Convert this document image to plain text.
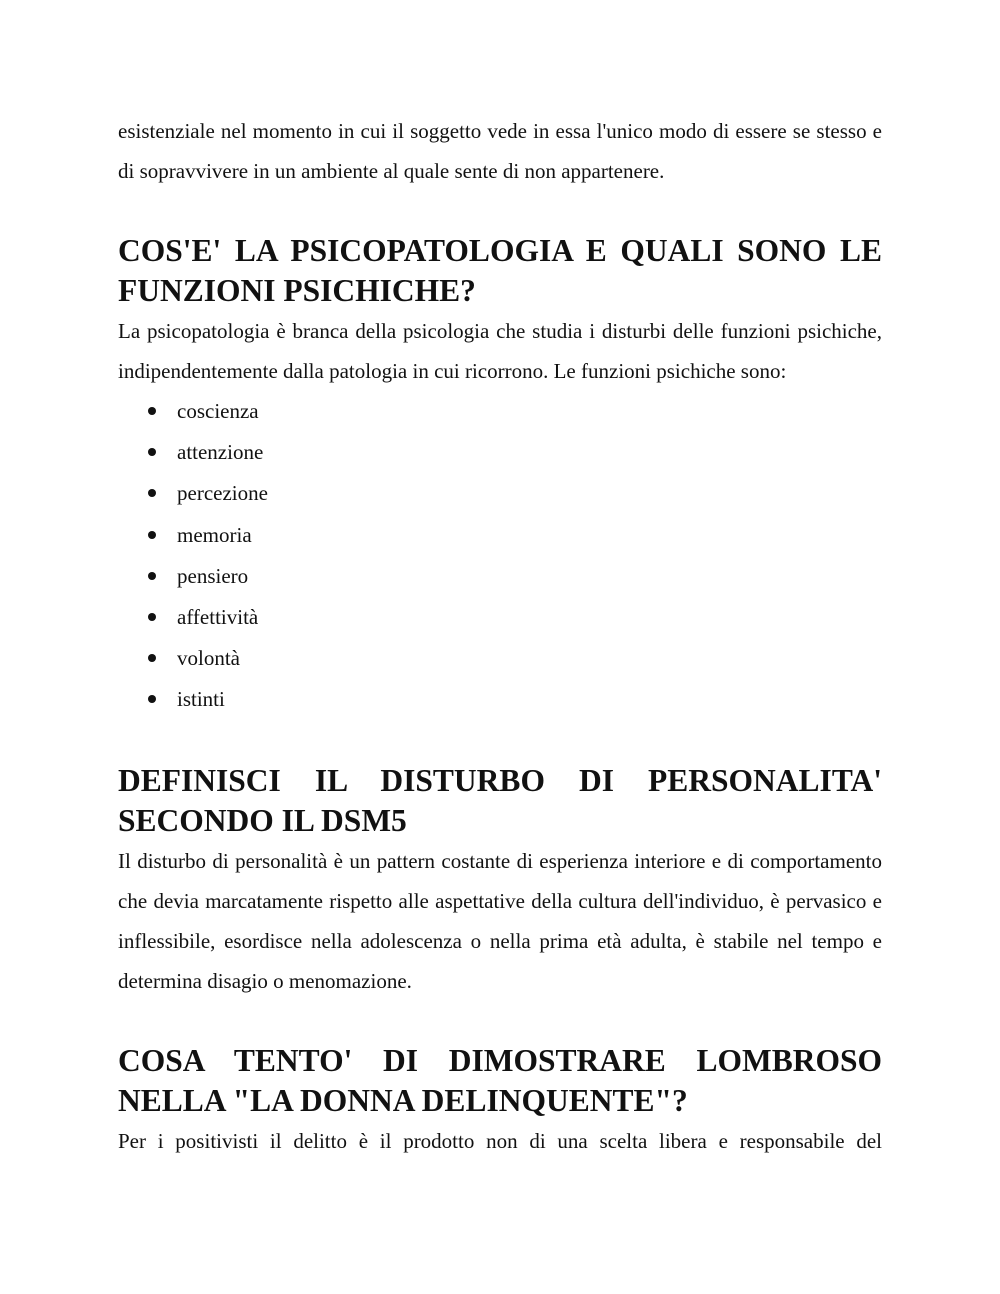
esistenziale nel momento in cui il soggetto vede in essa l'unico modo di essere se stesso e di sopravvivere in un ambiente al quale sente di non appartenere.

COS'E' LA PSICOPATOLOGIA E QUALI SONO LE FUNZIONI PSICHICHE?

La psicopatologia è branca della psicologia che studia i disturbi delle funzioni psichiche, indipendentemente dalla patologia in cui ricorrono. Le funzioni psichiche sono:

coscienza
attenzione
percezione
memoria
pensiero
affettività
volontà
istinti
DEFINISCI IL DISTURBO DI PERSONALITA' SECONDO IL DSM5

Il disturbo di personalità è un pattern costante di esperienza interiore e di comportamento che devia marcatamente rispetto alle aspettative della cultura dell'individuo, è pervasico e inflessibile, esordisce nella adolescenza o nella prima età adulta, è stabile nel tempo e determina disagio o menomazione.

COSA TENTO' DI DIMOSTRARE LOMBROSO NELLA "LA DONNA DELINQUENTE"?

Per i positivisti il delitto è il prodotto non di una scelta libera e responsabile del
